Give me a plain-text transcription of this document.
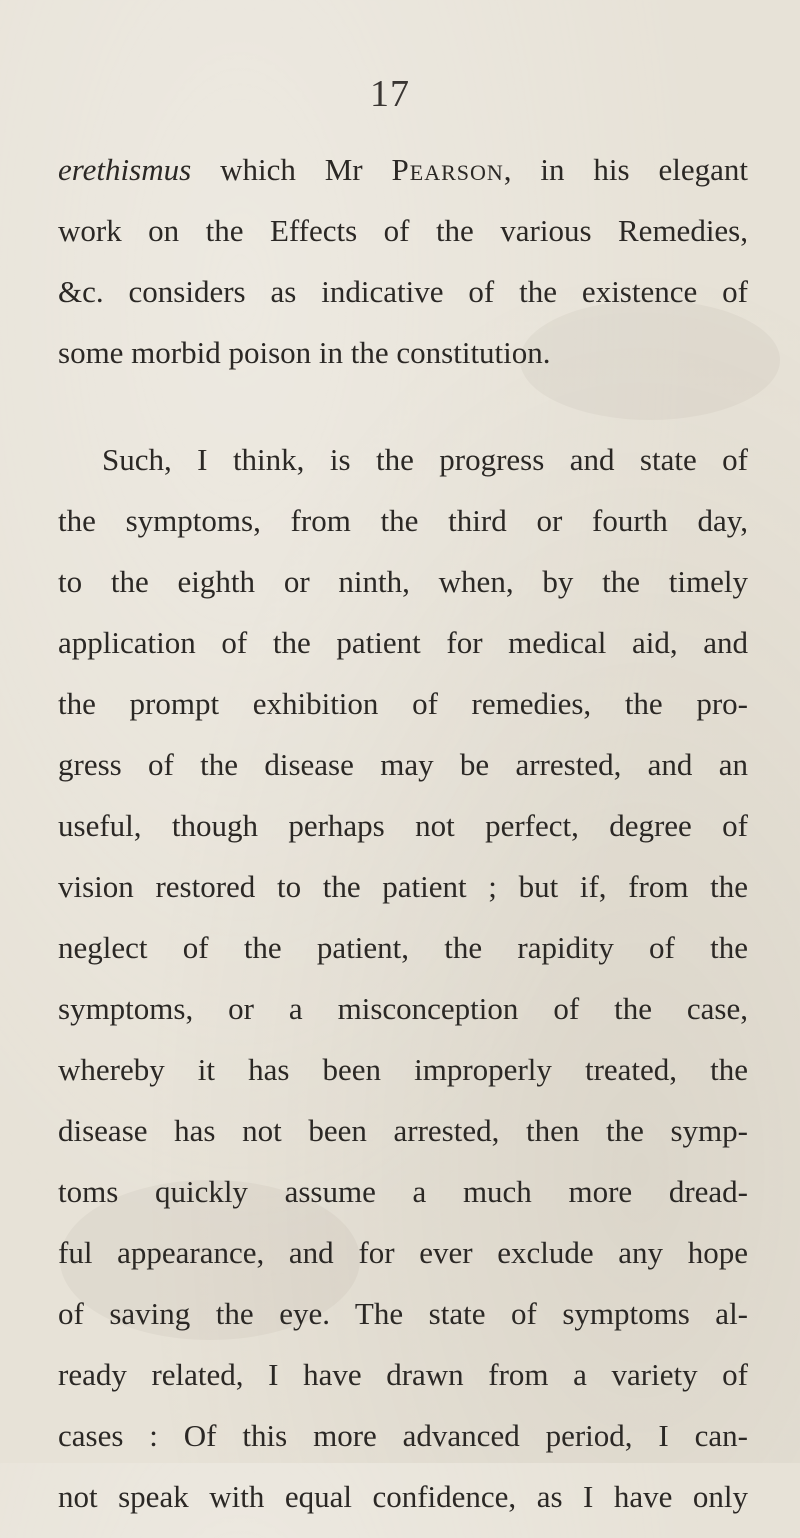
17
erethismus which Mr Pearson, in his elegant
work on the Effects of the various Remedies,
&c. considers as indicative of the existence of
some morbid poison in the constitution.
Such, I think, is the progress and state of
the symptoms, from the third or fourth day,
to the eighth or ninth, when, by the timely
application of the patient for medical aid, and
the prompt exhibition of remedies, the pro-
gress of the disease may be arrested, and an
useful, though perhaps not perfect, degree of
vision restored to the patient ; but if, from the
neglect of the patient, the rapidity of the
symptoms, or a misconception of the case,
whereby it has been improperly treated, the
disease has not been arrested, then the symp-
toms quickly assume a much more dread-
ful appearance, and for ever exclude any hope
of saving the eye. The state of symptoms al-
ready related, I have drawn from a variety of
cases : Of this more advanced period, I can-
not speak with equal confidence, as I have only
